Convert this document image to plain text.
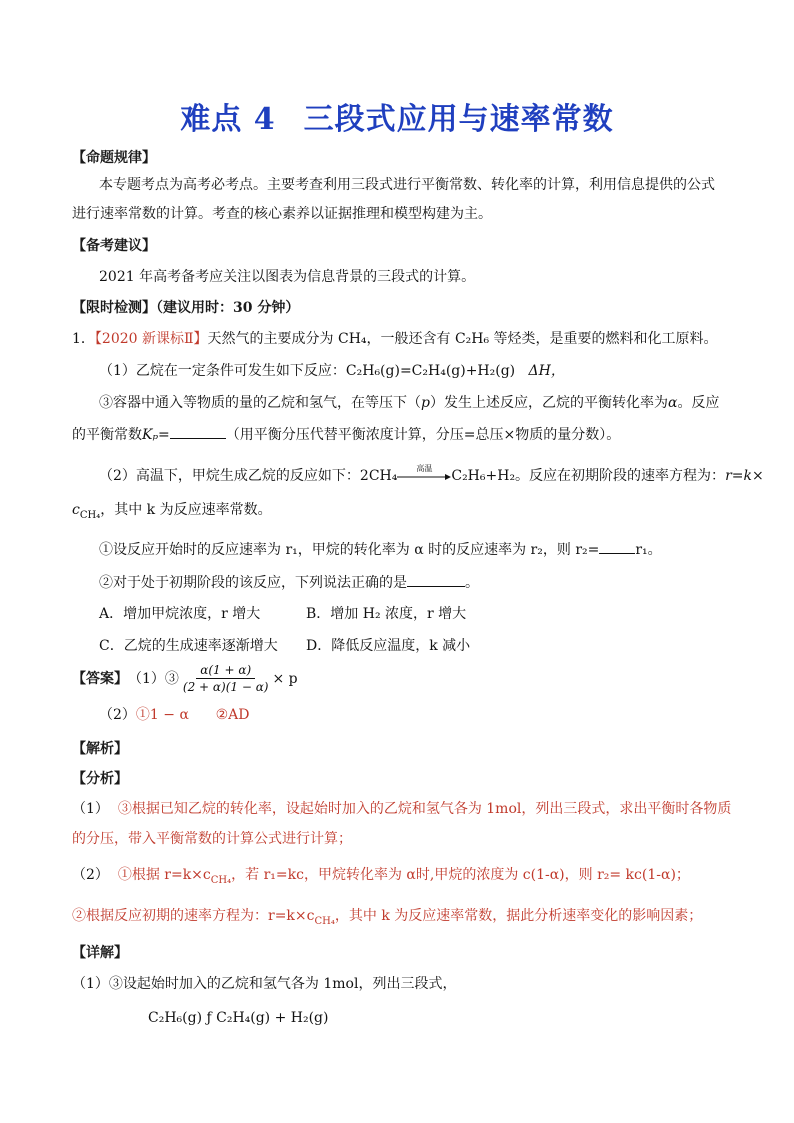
难点 4 三段式应用与速率常数
【命题规律】
本专题考点为高考必考点。主要考查利用三段式进行平衡常数、转化率的计算，利用信息提供的公式
进行速率常数的计算。考查的核心素养以证据推理和模型构建为主。
【备考建议】
2021 年高考备考应关注以图表为信息背景的三段式的计算。
【限时检测】（建议用时：30 分钟）
1．【2020 新课标Ⅱ】天然气的主要成分为 CH₄，一般还含有 C₂H₆ 等烃类，是重要的燃料和化工原料。
（1）乙烷在一定条件可发生如下反应：C₂H₆(g)=C₂H₄(g)+H₂(g) ΔH，
③容器中通入等物质的量的乙烷和氢气，在等压下（p）发生上述反应，乙烷的平衡转化率为α。反应
的平衡常数Kₚ=	（用平衡分压代替平衡浓度计算，分压=总压×物质的量分数）。
（2）高温下，甲烷生成乙烷的反应如下：2CH₄	高温	C₂H₆+H₂。反应在初期阶段的速率方程为：r=k×
$c_{CH_4}$，其中 k 为反应速率常数。
①设反应开始时的反应速率为 r₁，甲烷的转化率为 α 时的反应速率为 r₂，则 r₂=	r₁。
②对于处于初期阶段的该反应，下列说法正确的是	。
A．增加甲烷浓度，r 增大	B．增加 H₂ 浓度，r 增大
C．乙烷的生成速率逐渐增大 D．降低反应温度，k 减小
【答案】 （1）③ $\frac{\alpha(1 + \alpha)}{(2 + \alpha)(1 - \alpha)} \times p$
（2）①1 − α ②AD
【解析】
【分析】
（1） ③根据已知乙烷的转化率，设起始时加入的乙烷和氢气各为 1mol，列出三段式，求出平衡时各物质
的分压，带入平衡常数的计算公式进行计算；
（2） ①根据 $r=k\times c_{CH_4}$，若 r₁=kc，甲烷转化率为 α时,甲烷的浓度为 c(1-α)，则 r₂= kc(1-α)；
②根据反应初期的速率方程为：$r=k\times c_{CH_4}$，其中 k 为反应速率常数，据此分析速率变化的影响因素；
【详解】
（1）③设起始时加入的乙烷和氢气各为 1mol，列出三段式，
C₂H₆(g) ƒ C₂H₄(g) + H₂(g)
